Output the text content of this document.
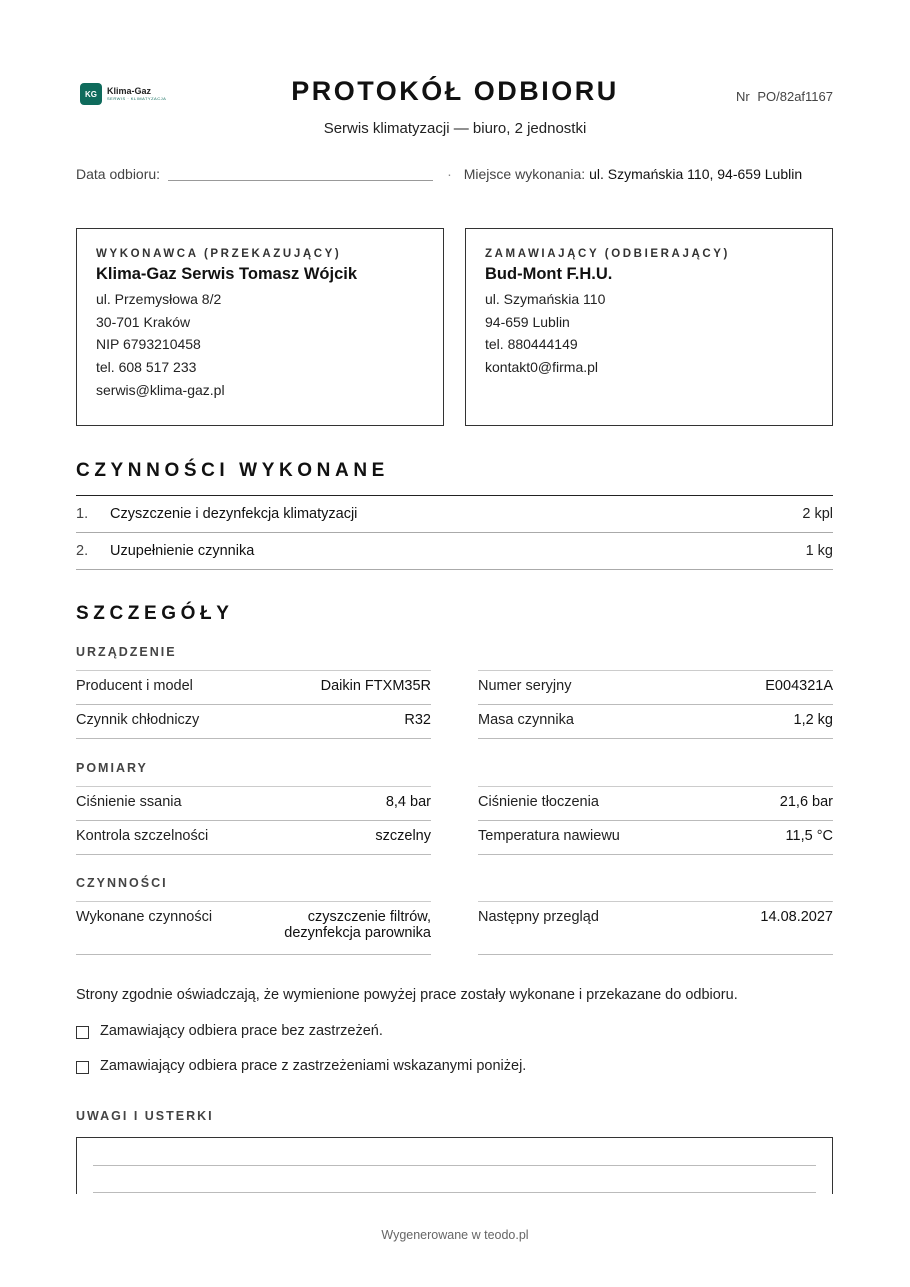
KG	Klima-Gaz
SERWIS · KLIMATYZACJA	PROTOKÓŁ ODBIORU
Serwis klimatyzacji — biuro, 2 jednostki
Nr PO/82af1167
Data odbioru:	· Miejsce wykonania: ul. Szymańskia 110, 94-659 Lublin
WYKONAWCA (PRZEKAZUJĄCY)
Klima-Gaz Serwis Tomasz Wójcik
ul. Przemysłowa 8/2
30-701 Kraków
NIP 6793210458
tel. 608 517 233
serwis@klima-gaz.pl
ZAMAWIAJĄCY (ODBIERAJĄCY)
Bud-Mont F.H.U.
ul. Szymańskia 110
94-659 Lublin
tel. 880444149
kontakt0@firma.pl
CZYNNOŚCI WYKONANE
1.	Czyszczenie i dezynfekcja klimatyzacji	2 kpl
2.	Uzupełnienie czynnika	1 kg
SZCZEGÓŁY
URZĄDZENIE
Producent i model	Daikin FTXM35R
Czynnik chłodniczy	R32
Numer seryjny	E004321A
Masa czynnika	1,2 kg
POMIARY
Ciśnienie ssania	8,4 bar
Kontrola szczelności	szczelny
Ciśnienie tłoczenia	21,6 bar
Temperatura nawiewu	11,5 °C
CZYNNOŚCI
Wykonane czynności	czyszczenie filtrów,
dezynfekcja parownika
Następny przegląd	14.08.2027
Strony zgodnie oświadczają, że wymienione powyżej prace zostały wykonane i przekazane do odbioru.
Zamawiający odbiera prace bez zastrzeżeń.
Zamawiający odbiera prace z zastrzeżeniami wskazanymi poniżej.
UWAGI I USTERKI
Wygenerowane w teodo.pl
